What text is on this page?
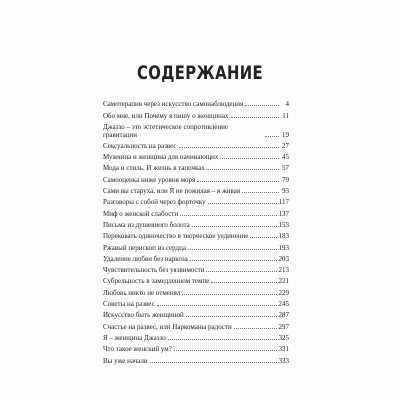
СОДЕРЖАНИЕ
Самотерапия через искусство самонаблюдения	4
Обо мне, или Почему я пишу о женщинах	11
Джаззо – это эстетическое сопротивление гравитации	19
Сексуальность на развес	27
Мужчина и женщина для начинающих	45
Мода и стиль. И жизнь в тапочках	57
Самооценка ниже уровня моря	79
Сами вы старуха, или Я не пожилая – я живая	93
Разговоры с собой через форточку	117
Миф о женской слабости	137
Письма из душевного болота	153
Перековать одиночество в творческое уединение	183
Ржавый перископ из сердца	193
Удаление любви без наркоза	203
Чувствительность без уязвимости	213
Субрельность в замедленном темпе	221
Любовь никто не отменял	229
Советы на развес	245
Искусство быть женщиной	287
Счастье на развес, или Наркоманы радости	297
Я – женщина Джаззо	325
Что такое женский ум?	331
Вы уже начали	333
